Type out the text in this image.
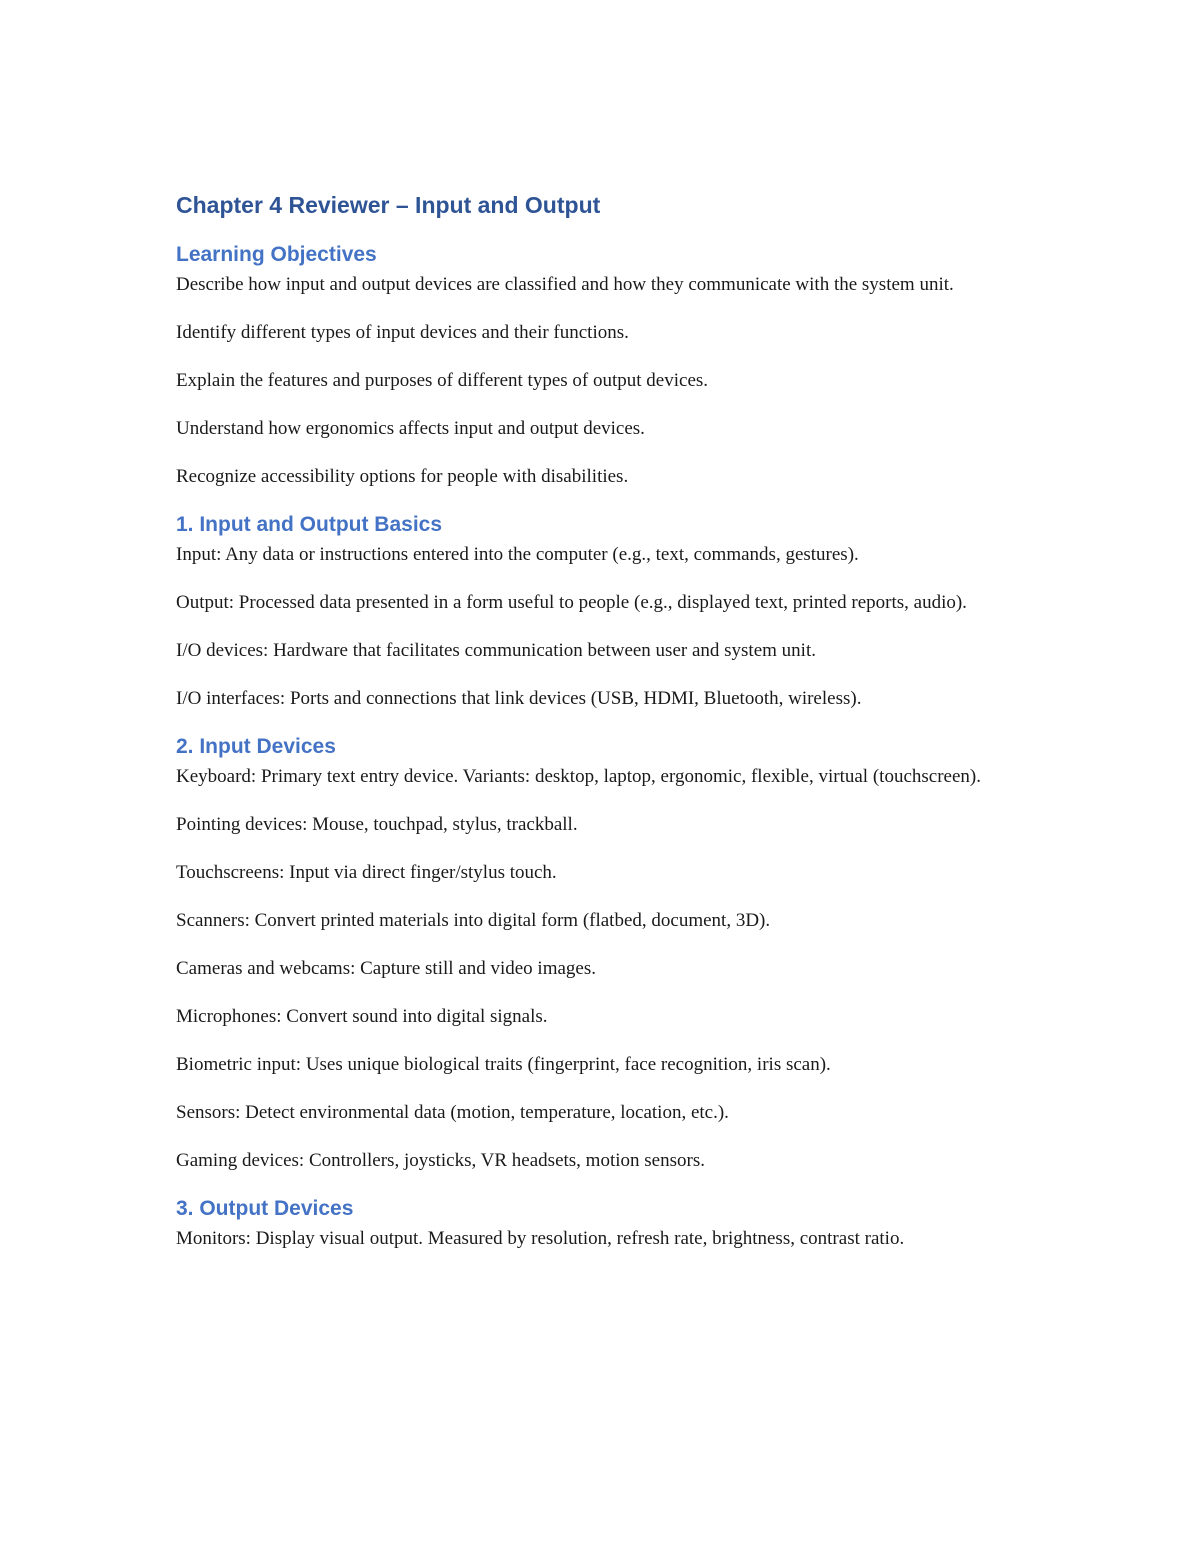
Chapter 4 Reviewer – Input and Output
Learning Objectives

Describe how input and output devices are classified and how they communicate with the system unit.

Identify different types of input devices and their functions.

Explain the features and purposes of different types of output devices.

Understand how ergonomics affects input and output devices.

Recognize accessibility options for people with disabilities.

1. Input and Output Basics

Input: Any data or instructions entered into the computer (e.g., text, commands, gestures).

Output: Processed data presented in a form useful to people (e.g., displayed text, printed reports, audio).

I/O devices: Hardware that facilitates communication between user and system unit.

I/O interfaces: Ports and connections that link devices (USB, HDMI, Bluetooth, wireless).

2. Input Devices

Keyboard: Primary text entry device. Variants: desktop, laptop, ergonomic, flexible, virtual (touchscreen).

Pointing devices: Mouse, touchpad, stylus, trackball.

Touchscreens: Input via direct finger/stylus touch.

Scanners: Convert printed materials into digital form (flatbed, document, 3D).

Cameras and webcams: Capture still and video images.

Microphones: Convert sound into digital signals.

Biometric input: Uses unique biological traits (fingerprint, face recognition, iris scan).

Sensors: Detect environmental data (motion, temperature, location, etc.).

Gaming devices: Controllers, joysticks, VR headsets, motion sensors.

3. Output Devices

Monitors: Display visual output. Measured by resolution, refresh rate, brightness, contrast ratio.
